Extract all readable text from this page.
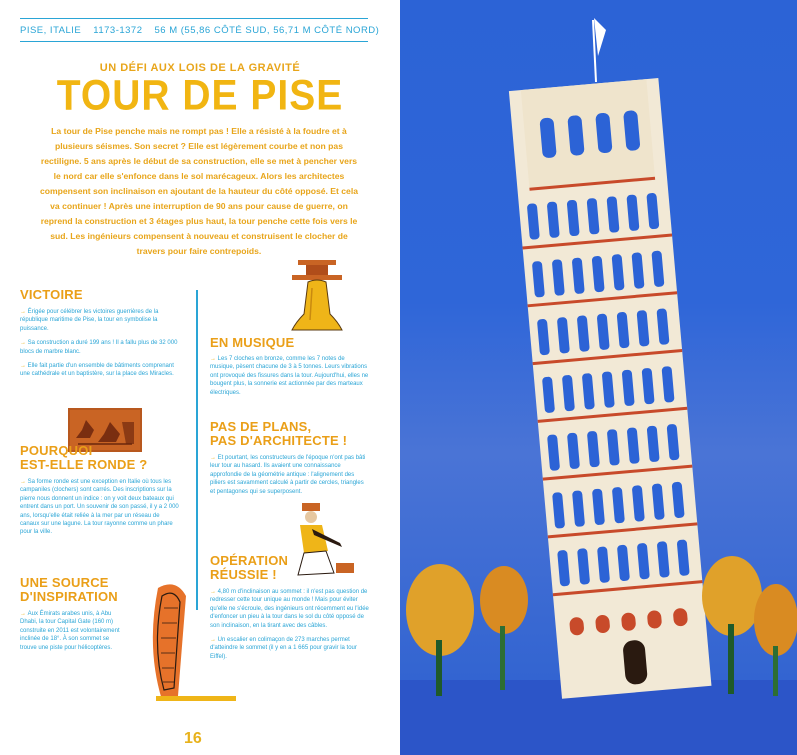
PISE, ITALIE 1173-1372 56 M (55,86 CÔTÉ SUD, 56,71 M CÔTÉ NORD)
UN DÉFI AUX LOIS DE LA GRAVITÉ
TOUR DE PISE
La tour de Pise penche mais ne rompt pas ! Elle a résisté à la foudre et à plusieurs séismes. Son secret ? Elle est légèrement courbe et non pas rectiligne. 5 ans après le début de sa construction, elle se met à pencher vers le nord car elle s'enfonce dans le sol marécageux. Alors les architectes compensent son inclinaison en ajoutant de la hauteur du côté opposé. Et cela va continuer ! Après une interruption de 90 ans pour cause de guerre, on reprend la construction et 3 étages plus haut, la tour penche cette fois vers le sud. Les ingénieurs compensent à nouveau et construisent le clocher de travers pour faire contrepoids.
VICTOIRE

→ Érigée pour célébrer les victoires guerrières de la république maritime de Pise, la tour en symbolise la puissance.

→ Sa construction a duré 199 ans ! Il a fallu plus de 32 000 blocs de marbre blanc.

→ Elle fait partie d'un ensemble de bâtiments comprenant une cathédrale et un baptistère, sur la place des Miracles.

POURQUOI
EST-ELLE RONDE ?

→ Sa forme ronde est une exception en Italie où tous les campaniles (clochers) sont carrés. Des inscriptions sur la pierre nous donnent un indice : on y voit deux bateaux qui entrent dans un port. Un souvenir de son passé, il y a 2 000 ans, lorsqu'elle était reliée à la mer par un réseau de canaux sur une lagune. La tour rayonne comme un phare pour la ville.

UNE SOURCE
D'INSPIRATION

→ Aux Émirats arabes unis, à Abu Dhabi, la tour Capital Gate (160 m) construite en 2011 est volontairement inclinée de 18°. À son sommet se trouve une piste pour hélicoptères.

EN MUSIQUE

→ Les 7 cloches en bronze, comme les 7 notes de musique, pèsent chacune de 3 à 5 tonnes. Leurs vibrations ont provoqué des fissures dans la tour. Aujourd'hui, elles ne bougent plus, la sonnerie est actionnée par des marteaux électriques.

PAS DE PLANS,
PAS D'ARCHITECTE !

→ Et pourtant, les constructeurs de l'époque n'ont pas bâti leur tour au hasard. Ils avaient une connaissance approfondie de la géométrie antique : l'alignement des piliers est savamment calculé à partir de cercles, triangles et pentagones qui se superposent.

OPÉRATION
RÉUSSIE !

→ 4,80 m d'inclinaison au sommet : il n'est pas question de redresser cette tour unique au monde ! Mais pour éviter qu'elle ne s'écroule, des ingénieurs ont récemment eu l'idée d'enfoncer un pieu à la tour dans le sol du côté opposé de son inclinaison, en la tirant avec des câbles.

→ Un escalier en colimaçon de 273 marches permet d'atteindre le sommet (il y en a 1 665 pour gravir la tour Eiffel).

16
